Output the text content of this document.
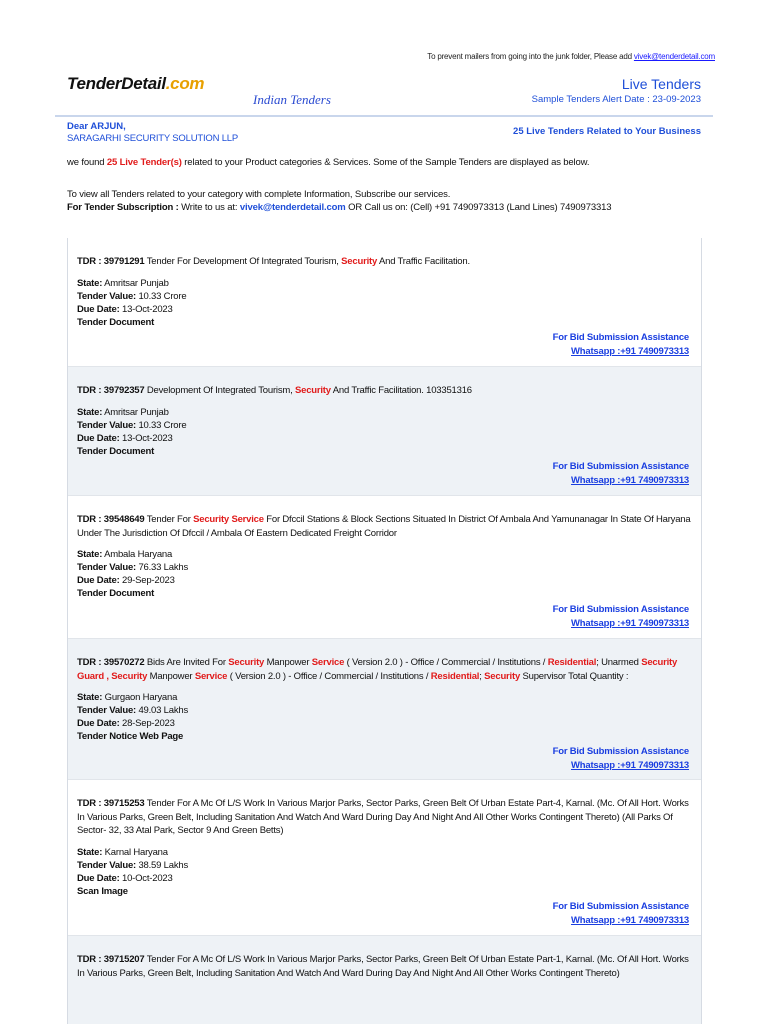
To prevent mailers from going into the junk folder, Please add vivek@tenderdetail.com
TenderDetail.com
Indian Tenders
Live Tenders
Sample Tenders Alert Date : 23-09-2023
Dear ARJUN,
SARAGARHI SECURITY SOLUTION LLP
25 Live Tenders Related to Your Business
we found 25 Live Tender(s) related to your Product categories & Services. Some of the Sample Tenders are displayed as below.
To view all Tenders related to your category with complete Information, Subscribe our services.
For Tender Subscription : Write to us at: vivek@tenderdetail.com OR Call us on: (Cell) +91 7490973313 (Land Lines) 7490973313
TDR : 39791291 Tender For Development Of Integrated Tourism, Security And Traffic Facilitation.
State: Amritsar Punjab
Tender Value: 10.33 Crore
Due Date: 13-Oct-2023
Tender Document
For Bid Submission Assistance
Whatsapp :+91 7490973313
TDR : 39792357 Development Of Integrated Tourism, Security And Traffic Facilitation. 103351316
State: Amritsar Punjab
Tender Value: 10.33 Crore
Due Date: 13-Oct-2023
Tender Document
For Bid Submission Assistance
Whatsapp :+91 7490973313
TDR : 39548649 Tender For Security Service For Dfccil Stations & Block Sections Situated In District Of Ambala And Yamunanagar In State Of Haryana Under The Jurisdiction Of Dfccil / Ambala Of Eastern Dedicated Freight Corridor
State: Ambala Haryana
Tender Value: 76.33 Lakhs
Due Date: 29-Sep-2023
Tender Document
For Bid Submission Assistance
Whatsapp :+91 7490973313
TDR : 39570272 Bids Are Invited For Security Manpower Service ( Version 2.0 ) - Office / Commercial / Institutions / Residential; Unarmed Security Guard , Security Manpower Service ( Version 2.0 ) - Office / Commercial / Institutions / Residential; Security Supervisor Total Quantity :
State: Gurgaon Haryana
Tender Value: 49.03 Lakhs
Due Date: 28-Sep-2023
Tender Notice Web Page
For Bid Submission Assistance
Whatsapp :+91 7490973313
TDR : 39715253 Tender For A Mc Of L/S Work In Various Marjor Parks, Sector Parks, Green Belt Of Urban Estate Part-4, Karnal. (Mc. Of All Hort. Works In Various Parks, Green Belt, Including Sanitation And Watch And Ward During Day And Night And All Other Works Contingent Thereto) (All Parks Of Sector- 32, 33 Atal Park, Sector 9 And Green Betts)
State: Karnal Haryana
Tender Value: 38.59 Lakhs
Due Date: 10-Oct-2023
Scan Image
For Bid Submission Assistance
Whatsapp :+91 7490973313
TDR : 39715207 Tender For A Mc Of L/S Work In Various Marjor Parks, Sector Parks, Green Belt Of Urban Estate Part-1, Karnal. (Mc. Of All Hort. Works In Various Parks, Green Belt, Including Sanitation And Watch And Ward During Day And Night And All Other Works Contingent Thereto)
